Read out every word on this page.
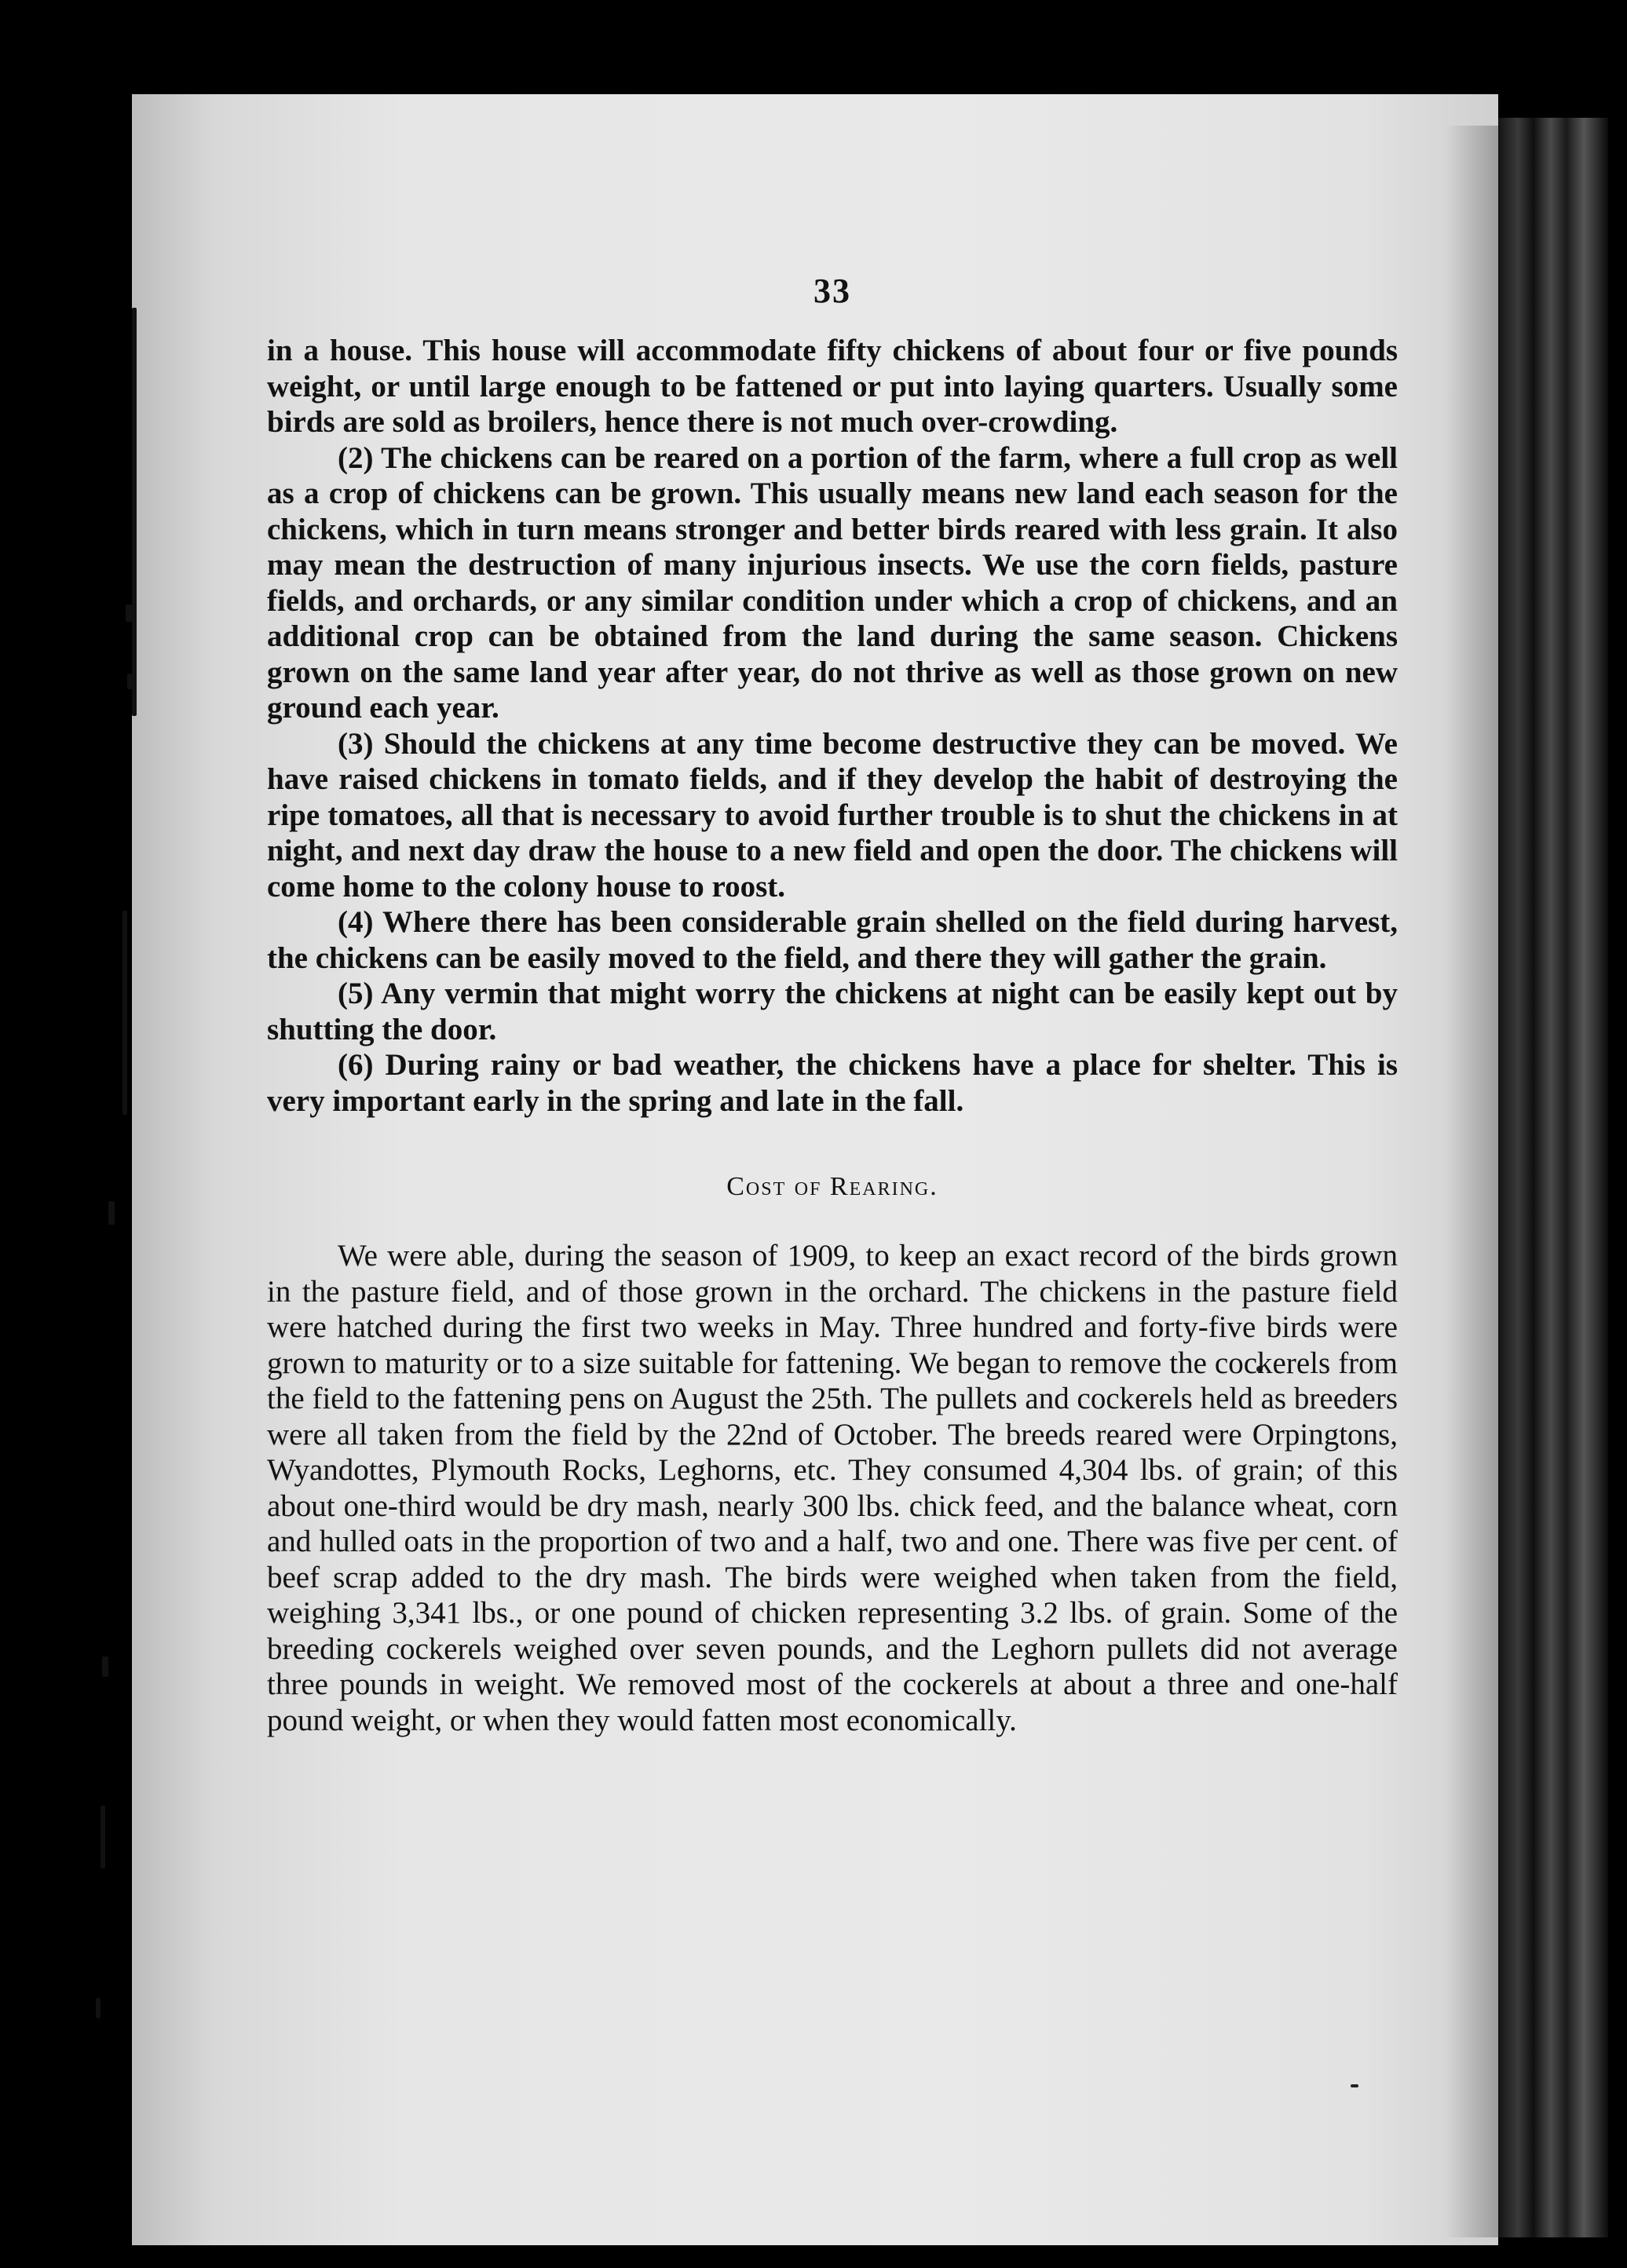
33

in a house. This house will accommodate fifty chickens of about four or five pounds weight, or until large enough to be fattened or put into laying quarters. Usually some birds are sold as broilers, hence there is not much over-crowding.

(2) The chickens can be reared on a portion of the farm, where a full crop as well as a crop of chickens can be grown. This usually means new land each season for the chickens, which in turn means stronger and better birds reared with less grain. It also may mean the destruction of many injurious insects. We use the corn fields, pasture fields, and orchards, or any similar condition under which a crop of chickens, and an additional crop can be obtained from the land during the same season. Chickens grown on the same land year after year, do not thrive as well as those grown on new ground each year.

(3) Should the chickens at any time become destructive they can be moved. We have raised chickens in tomato fields, and if they develop the habit of destroying the ripe tomatoes, all that is necessary to avoid further trouble is to shut the chickens in at night, and next day draw the house to a new field and open the door. The chickens will come home to the colony house to roost.

(4) Where there has been considerable grain shelled on the field during harvest, the chickens can be easily moved to the field, and there they will gather the grain.

(5) Any vermin that might worry the chickens at night can be easily kept out by shutting the door.

(6) During rainy or bad weather, the chickens have a place for shelter. This is very important early in the spring and late in the fall.

Cost of Rearing.

We were able, during the season of 1909, to keep an exact record of the birds grown in the pasture field, and of those grown in the orchard. The chickens in the pasture field were hatched during the first two weeks in May. Three hundred and forty-five birds were grown to maturity or to a size suitable for fattening. We began to remove the cockerels from the field to the fattening pens on August the 25th. The pullets and cockerels held as breeders were all taken from the field by the 22nd of October. The breeds reared were Orpingtons, Wyandottes, Plymouth Rocks, Leghorns, etc. They consumed 4,304 lbs. of grain; of this about one-third would be dry mash, nearly 300 lbs. chick feed, and the balance wheat, corn and hulled oats in the proportion of two and a half, two and one. There was five per cent. of beef scrap added to the dry mash. The birds were weighed when taken from the field, weighing 3,341 lbs., or one pound of chicken representing 3.2 lbs. of grain. Some of the breeding cockerels weighed over seven pounds, and the Leghorn pullets did not average three pounds in weight. We removed most of the cockerels at about a three and one-half pound weight, or when they would fatten most economically.
